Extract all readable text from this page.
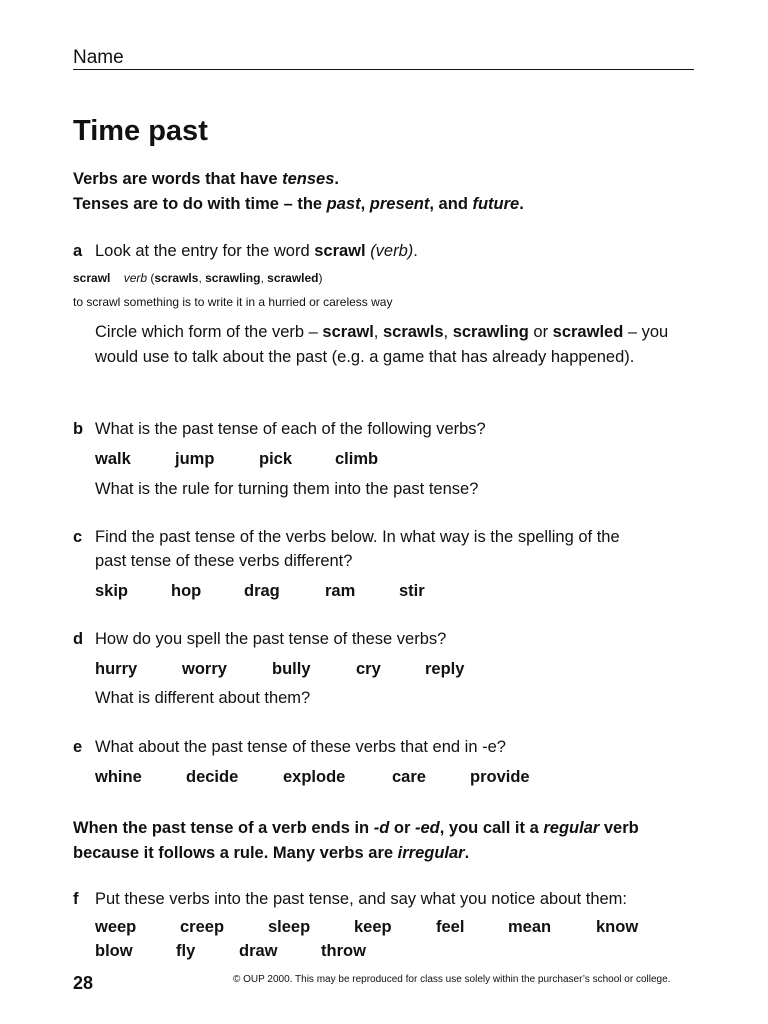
Name
Time past
Verbs are words that have tenses.
Tenses are to do with time – the past, present, and future.
a Look at the entry for the word scrawl (verb).
scrawl verb (scrawls, scrawling, scrawled)
to scrawl something is to write it in a hurried or careless way
Circle which form of the verb – scrawl, scrawls, scrawling or scrawled – you would use to talk about the past (e.g. a game that has already happened).
b What is the past tense of each of the following verbs?
walk	jump	pick	climb
What is the rule for turning them into the past tense?
c Find the past tense of the verbs below. In what way is the spelling of the
past tense of these verbs different?
skip	hop	drag	ram	stir
d How do you spell the past tense of these verbs?
hurry	worry	bully	cry	reply
What is different about them?
e What about the past tense of these verbs that end in -e?
whine	decide	explode	care	provide
When the past tense of a verb ends in -d or -ed, you call it a regular verb because it follows a rule. Many verbs are irregular.
f Put these verbs into the past tense, and say what you notice about them:
weep	creep	sleep	keep	feel	mean	know
blow	fly	draw	throw
28	© OUP 2000. This may be reproduced for class use solely within the purchaser’s school or college.
